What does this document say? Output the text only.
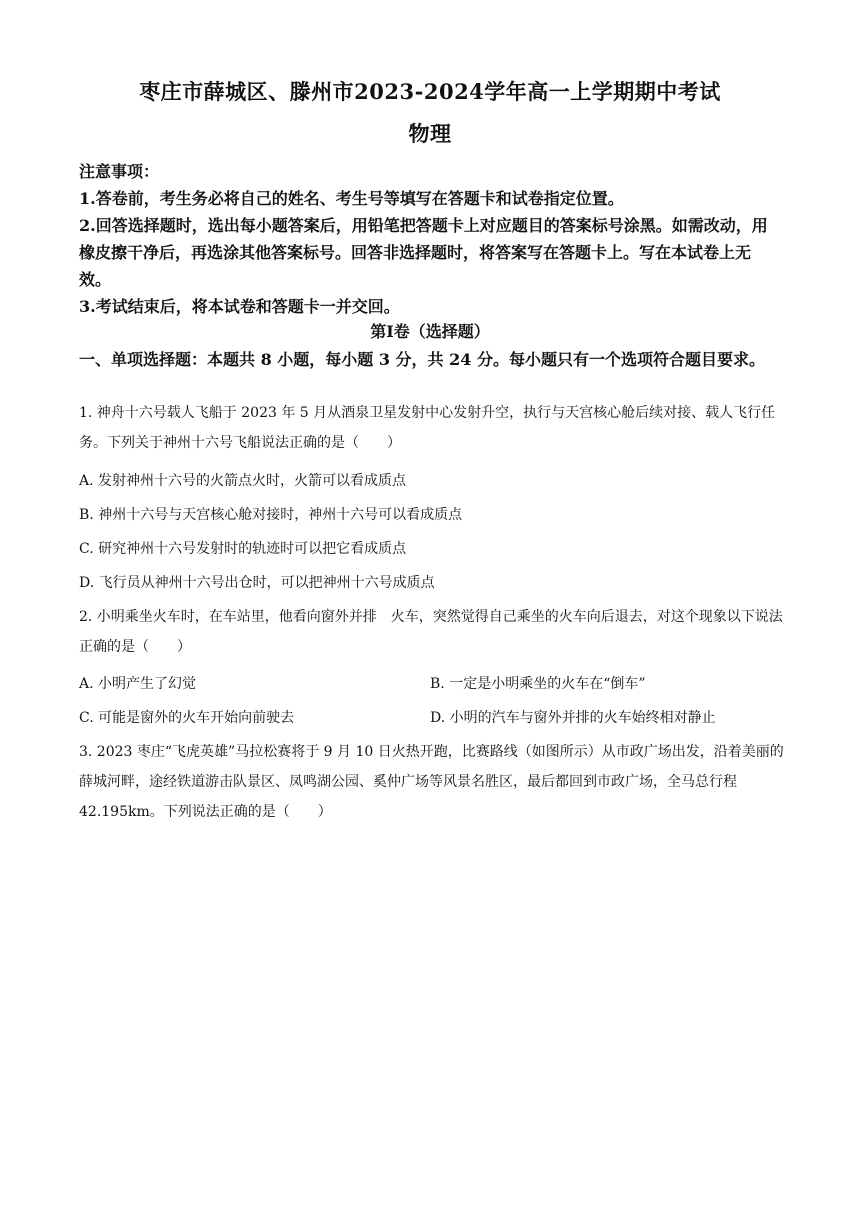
枣庄市薛城区、滕州市2023-2024学年高一上学期期中考试
物理

注意事项：

1.答卷前，考生务必将自己的姓名、考生号等填写在答题卡和试卷指定位置。

2.回答选择题时，选出每小题答案后，用铅笔把答题卡上对应题目的答案标号涂黑。如需改动，用橡皮擦干净后，再选涂其他答案标号。回答非选择题时，将答案写在答题卡上。写在本试卷上无效。

3.考试结束后，将本试卷和答题卡一并交回。

第Ⅰ卷（选择题）

一、单项选择题：本题共 8 小题，每小题 3 分，共 24 分。每小题只有一个选项符合题目要求。

1. 神舟十六号载人飞船于 2023 年 5 月从酒泉卫星发射中心发射升空，执行与天宫核心舱后续对接、载人飞行任务。下列关于神州十六号飞船说法正确的是（　　）

A. 发射神州十六号的火箭点火时，火箭可以看成质点

B. 神州十六号与天宫核心舱对接时，神州十六号可以看成质点

C. 研究神州十六号发射时的轨迹时可以把它看成质点

D. 飞行员从神州十六号出仓时，可以把神州十六号成质点

2. 小明乘坐火车时，在车站里，他看向窗外并排　火车，突然觉得自己乘坐的火车向后退去，对这个现象以下说法正确的是（　　）

A. 小明产生了幻觉	B. 一定是小明乘坐的火车在“倒车”

C. 可能是窗外的火车开始向前驶去	D. 小明的汽车与窗外并排的火车始终相对静止

3. 2023 枣庄“飞虎英雄”马拉松赛将于 9 月 10 日火热开跑，比赛路线（如图所示）从市政广场出发，沿着美丽的薛城河畔，途经铁道游击队景区、凤鸣湖公园、奚仲广场等风景名胜区，最后都回到市政广场，全马总行程 42.195km。下列说法正确的是（　　）
